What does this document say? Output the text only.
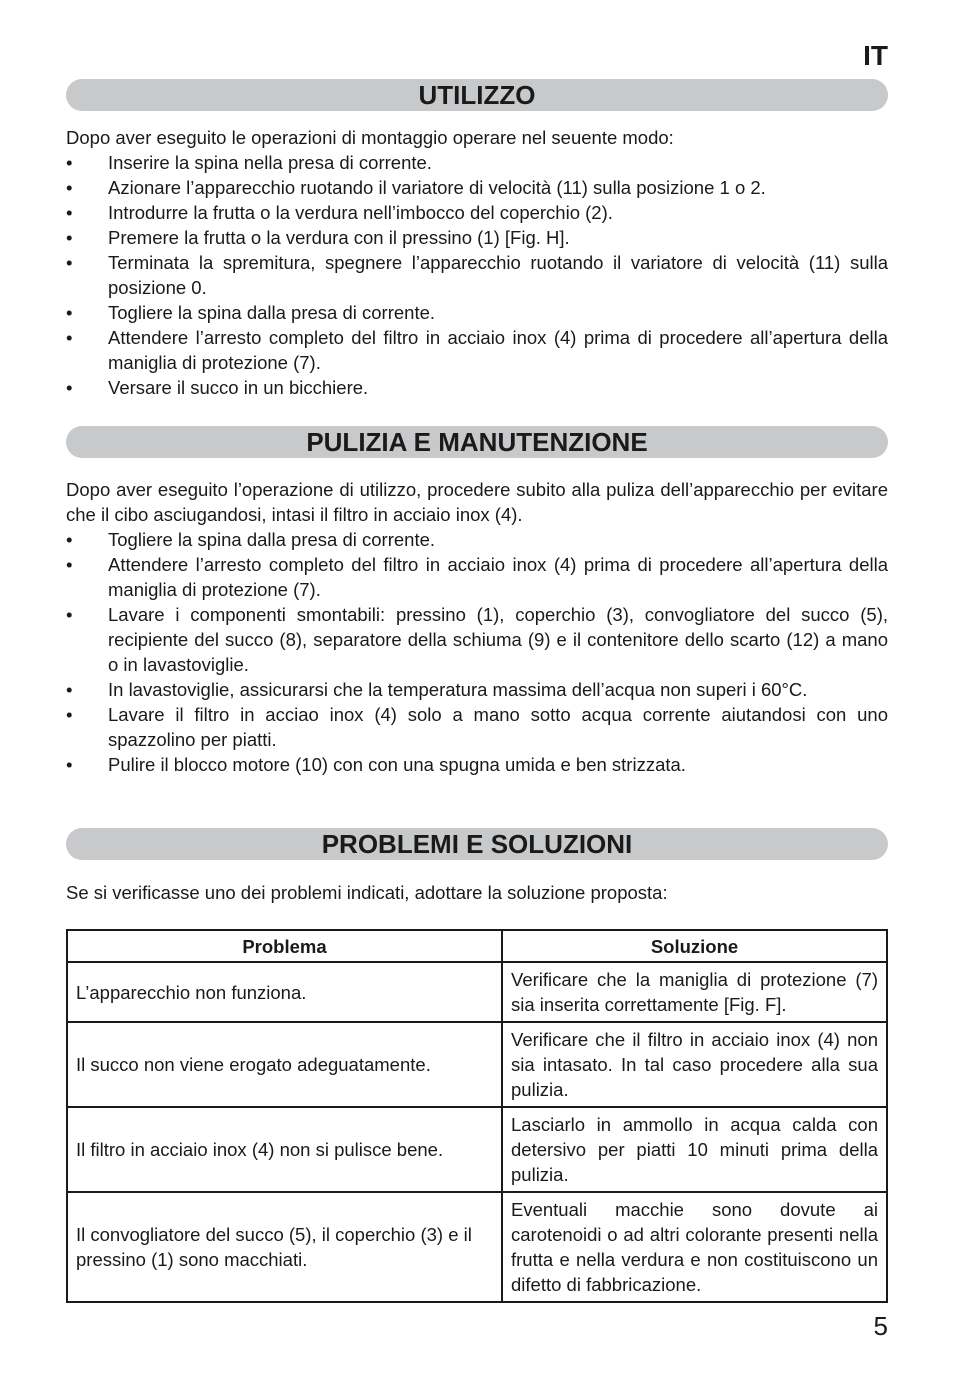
IT
UTILIZZO

Dopo aver eseguito le operazioni di montaggio operare nel seuente modo:

• Inserire la spina nella presa di corrente.
• Azionare l’apparecchio ruotando il variatore di velocità (11) sulla posizione 1 o 2.
• Introdurre la frutta o la verdura nell’imbocco del coperchio (2).
• Premere la frutta o la verdura con il pressino (1) [Fig. H].
• Terminata la spremitura, spegnere l’apparecchio ruotando il variatore di velocità (11) sulla posizione 0.
• Togliere la spina dalla presa di corrente.
• Attendere l’arresto completo del filtro in acciaio inox (4) prima di procedere all’apertura della maniglia di protezione (7).
• Versare il succo in un bicchiere.
PULIZIA E MANUTENZIONE

Dopo aver eseguito l’operazione di utilizzo, procedere subito alla puliza dell’apparecchio per evitare che il cibo asciugandosi, intasi il filtro in acciaio inox (4).

• Togliere la spina dalla presa di corrente.
• Attendere l’arresto completo del filtro in acciaio inox (4) prima di procedere all’apertura della maniglia di protezione (7).
• Lavare i componenti smontabili: pressino (1), coperchio (3), convogliatore del succo (5), recipiente del succo (8), separatore della schiuma (9) e il contenitore dello scarto (12) a mano o in lavastoviglie.
• In lavastoviglie, assicurarsi che la temperatura massima dell’acqua non superi i 60°C.
• Lavare il filtro in acciao inox (4) solo a mano sotto acqua corrente aiutandosi con uno spazzolino per piatti.
• Pulire il blocco motore (10) con con una spugna umida e ben strizzata.
PROBLEMI E SOLUZIONI

Se si verificasse uno dei problemi indicati, adottare la soluzione proposta:

Problema	Soluzione
L’apparecchio non funziona.	Verificare che la maniglia di protezione (7) sia inserita correttamente [Fig. F].
Il succo non viene erogato adeguatamente.	Verificare che il filtro in acciaio inox (4) non sia intasato. In tal caso procedere alla sua pulizia.
Il filtro in acciaio inox (4) non si pulisce bene.	Lasciarlo in ammollo in acqua calda con detersivo per piatti 10 minuti prima della pulizia.
Il convogliatore del succo (5), il coperchio (3) e il pressino (1) sono macchiati.	Eventuali macchie sono dovute ai carotenoidi o ad altri colorante presenti nella frutta e nella verdura e non costituiscono un difetto di fabbricazione.
5
